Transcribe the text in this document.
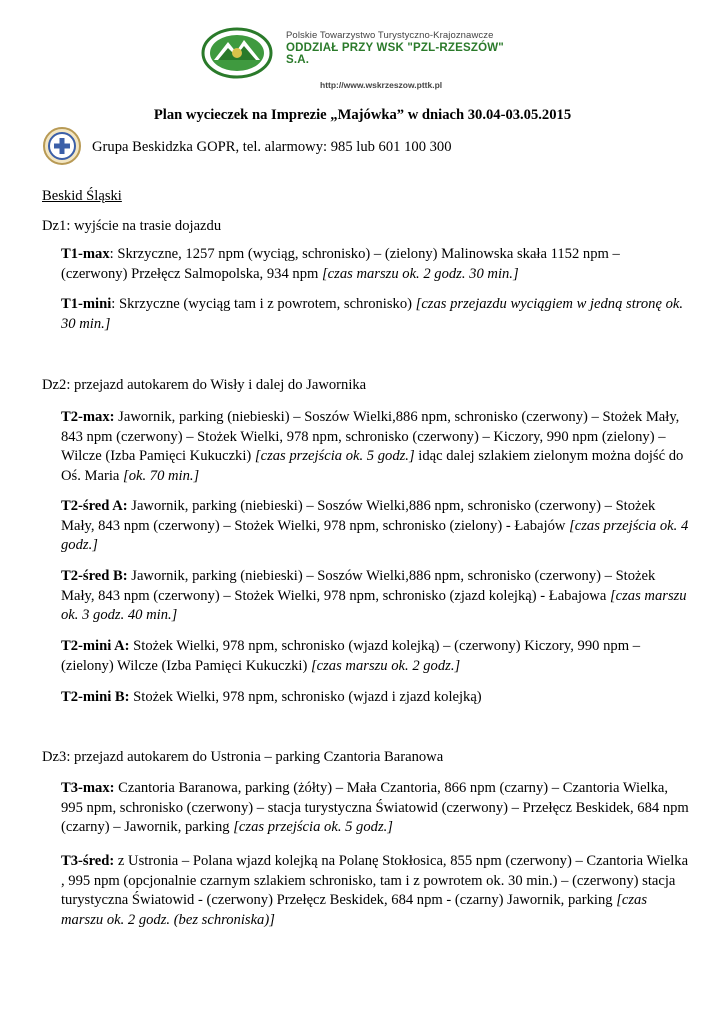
Polskie Towarzystwo Turystyczno-Krajoznawcze
ODDZIAŁ PRZY WSK "PZL-RZESZÓW" S.A.
http://www.wskrzeszow.pttk.pl
Plan wycieczek na Imprezie „Majówka” w dniach 30.04-03.05.2015
Grupa Beskidzka GOPR, tel. alarmowy: 985 lub 601 100 300
Beskid Śląski
Dz1: wyjście na trasie dojazdu
T1-max: Skrzyczne, 1257 npm (wyciąg, schronisko) – (zielony) Malinowska skała 1152 npm – (czerwony) Przełęcz Salmopolska, 934 npm [czas marszu ok. 2 godz. 30 min.]
T1-mini: Skrzyczne (wyciąg tam i z powrotem, schronisko) [czas przejazdu wyciągiem w jedną stronę ok. 30 min.]
Dz2: przejazd autokarem do Wisły i dalej do Jawornika
T2-max: Jawornik, parking (niebieski) – Soszów Wielki,886 npm, schronisko (czerwony) – Stożek Mały, 843 npm (czerwony) – Stożek Wielki, 978 npm, schronisko (czerwony) – Kiczory, 990 npm (zielony) – Wilcze (Izba Pamięci Kukuczki) [czas przejścia ok. 5 godz.] idąc dalej szlakiem zielonym można dojść do Oś. Maria [ok. 70 min.]
T2-śred A: Jawornik, parking (niebieski) – Soszów Wielki,886 npm, schronisko (czerwony) – Stożek Mały, 843 npm (czerwony) – Stożek Wielki, 978 npm, schronisko (zielony) - Łabajów [czas przejścia ok. 4 godz.]
T2-śred B: Jawornik, parking (niebieski) – Soszów Wielki,886 npm, schronisko (czerwony) – Stożek Mały, 843 npm (czerwony) – Stożek Wielki, 978 npm, schronisko (zjazd kolejką) - Łabajowa [czas marszu ok. 3 godz. 40 min.]
T2-mini A: Stożek Wielki, 978 npm, schronisko (wjazd kolejką) – (czerwony) Kiczory, 990 npm – (zielony) Wilcze (Izba Pamięci Kukuczki) [czas marszu ok. 2 godz.]
T2-mini B: Stożek Wielki, 978 npm, schronisko (wjazd i zjazd kolejką)
Dz3: przejazd autokarem do Ustronia – parking Czantoria Baranowa
T3-max: Czantoria Baranowa, parking (żółty) – Mała Czantoria, 866 npm (czarny) – Czantoria Wielka, 995 npm, schronisko (czerwony) – stacja turystyczna Światowid (czerwony) – Przełęcz Beskidek, 684 npm (czarny) – Jawornik, parking [czas przejścia ok. 5 godz.]
T3-śred: z Ustronia – Polana wjazd kolejką na Polanę Stokłosica, 855 npm (czerwony) – Czantoria Wielka , 995 npm (opcjonalnie czarnym szlakiem schronisko, tam i z powrotem ok. 30 min.) – (czerwony) stacja turystyczna Światowid - (czerwony) Przełęcz Beskidek, 684 npm - (czarny) Jawornik, parking [czas marszu ok. 2 godz. (bez schroniska)]
